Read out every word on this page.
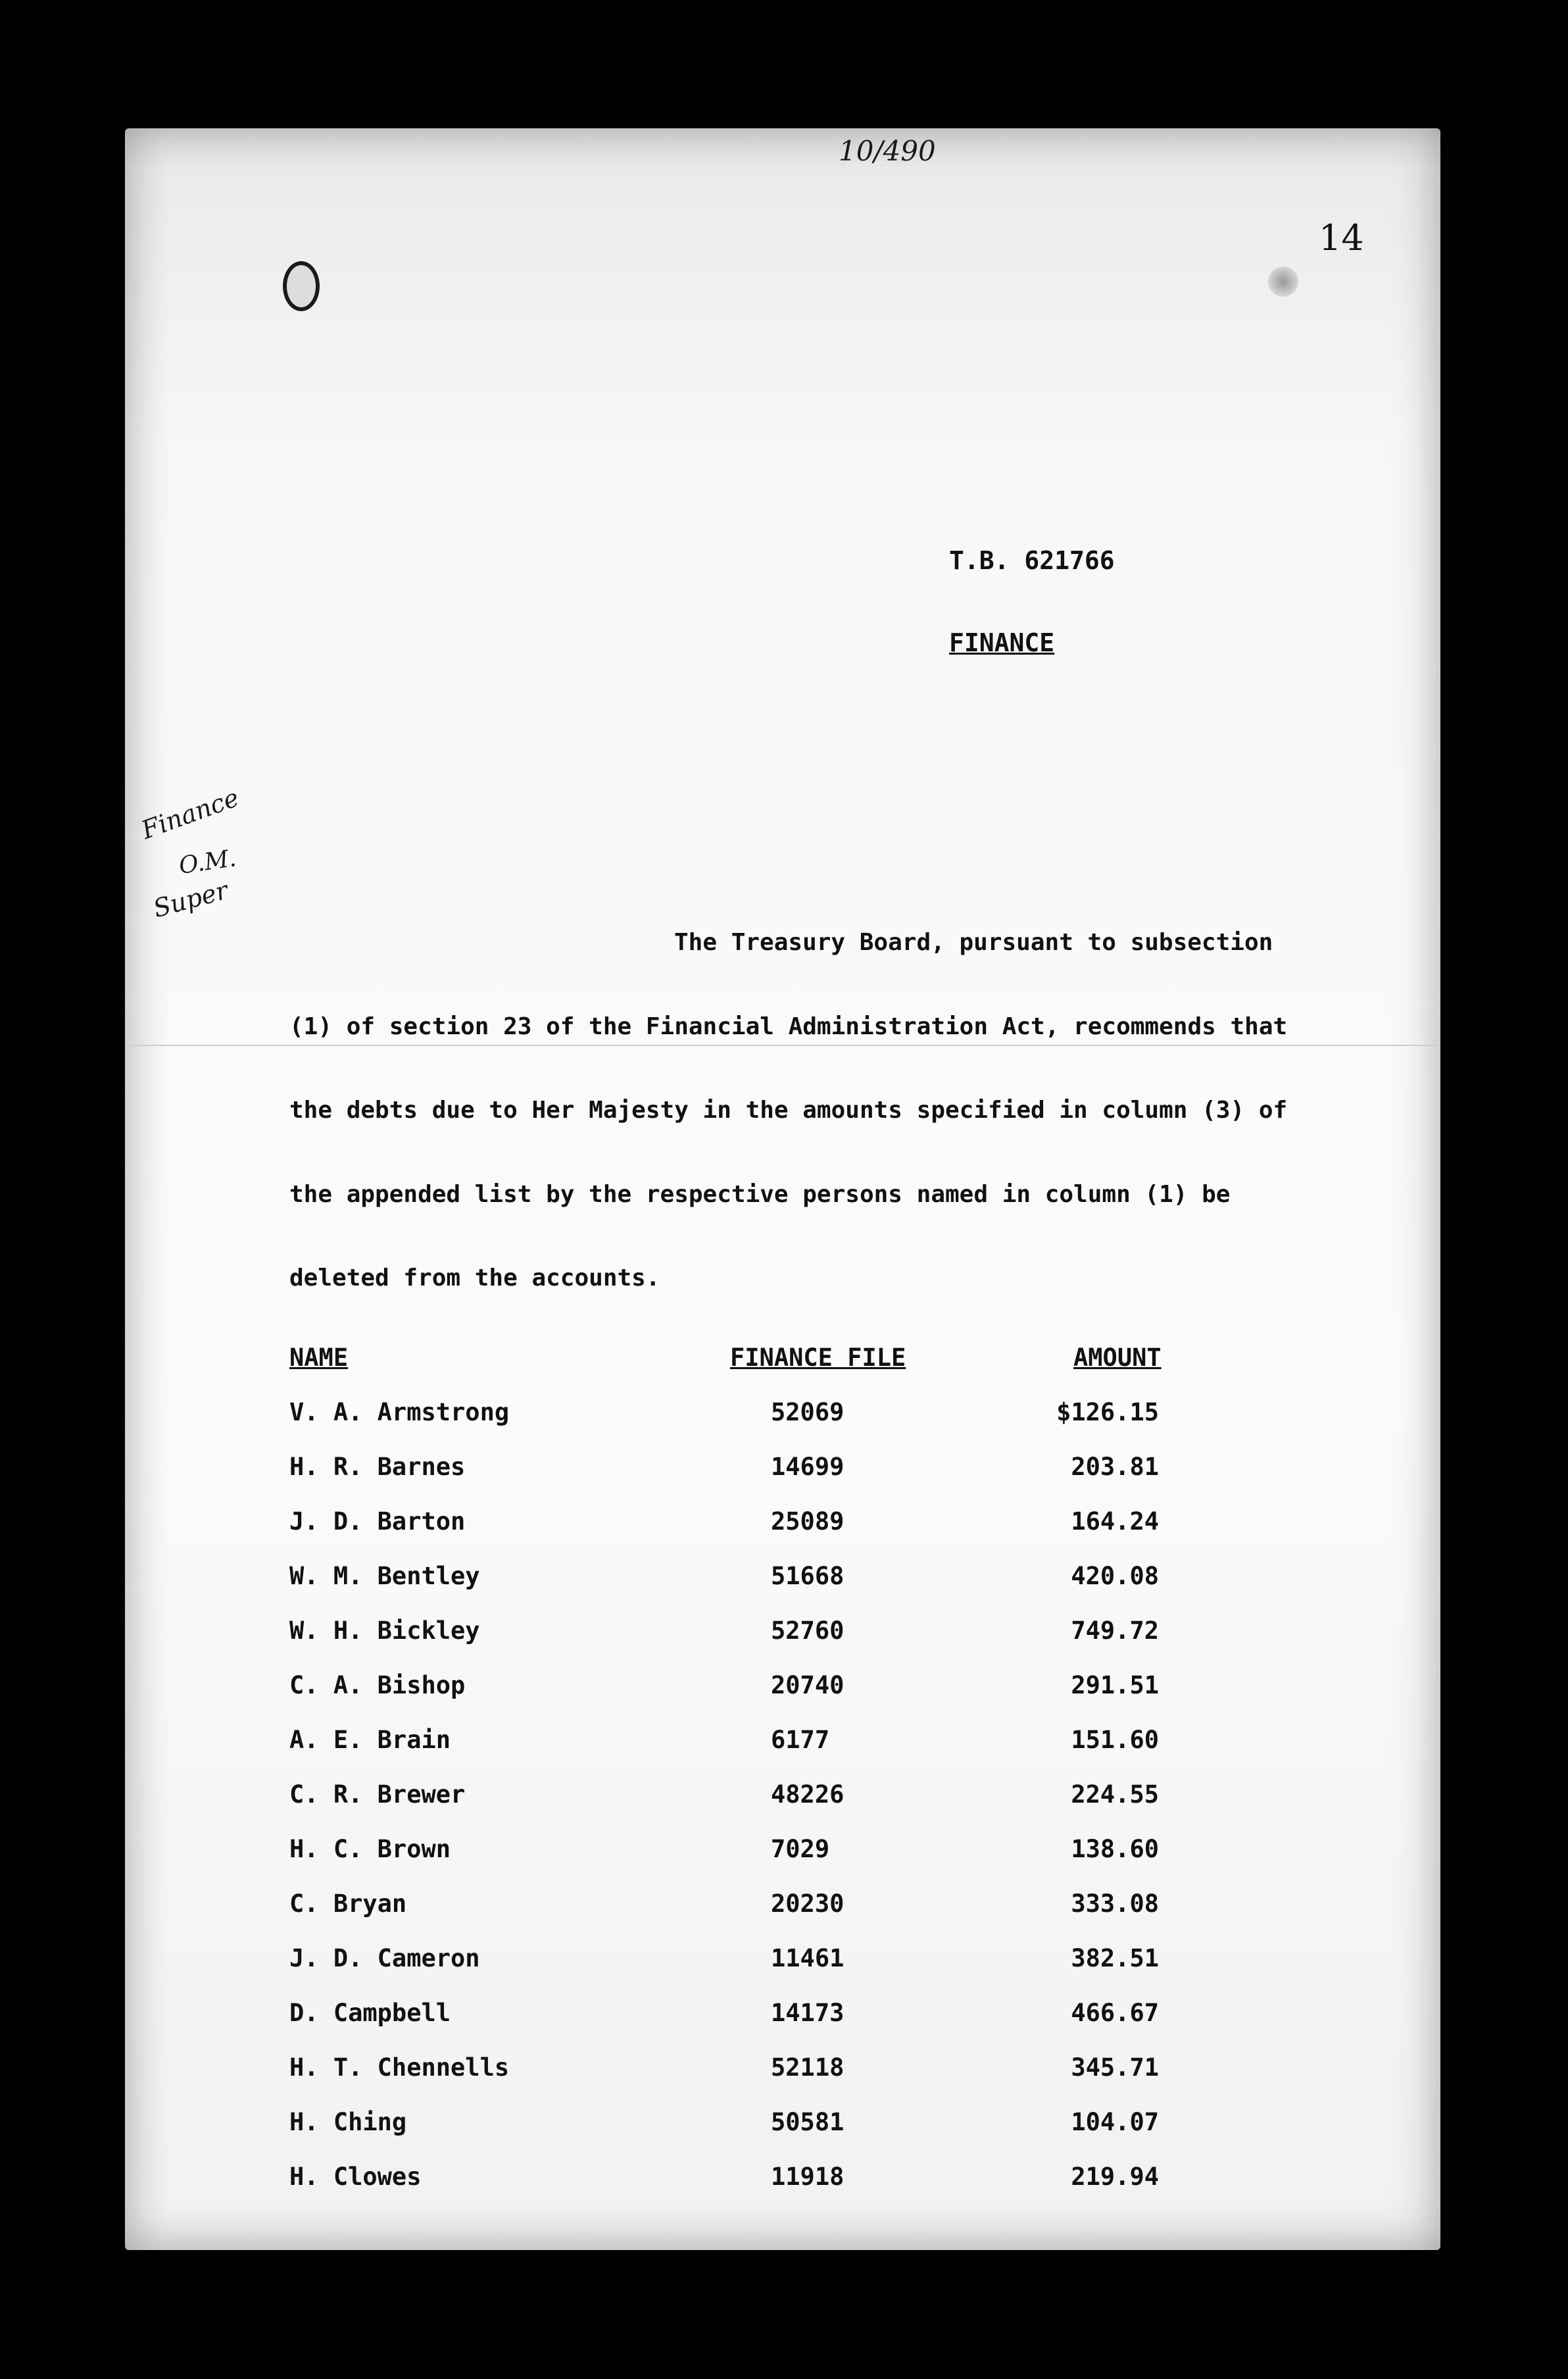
10/490
14
T.B. 621766
FINANCE
Finance
O.M.
Super
The Treasury Board, pursuant to subsection
(1) of section 23 of the Financial Administration Act, recommends that
the debts due to Her Majesty in the amounts specified in column (3) of
the appended list by the respective persons named in column (1) be
deleted from the accounts.
NAME	FINANCE FILE	AMOUNT
V. A. Armstrong	52069	$126.15
H. R. Barnes	14699	203.81
J. D. Barton	25089	164.24
W. M. Bentley	51668	420.08
W. H. Bickley	52760	749.72
C. A. Bishop	20740	291.51
A. E. Brain	6177	151.60
C. R. Brewer	48226	224.55
H. C. Brown	7029	138.60
C. Bryan	20230	333.08
J. D. Cameron	11461	382.51
D. Campbell	14173	466.67
H. T. Chennells	52118	345.71
H. Ching	50581	104.07
H. Clowes	11918	219.94
